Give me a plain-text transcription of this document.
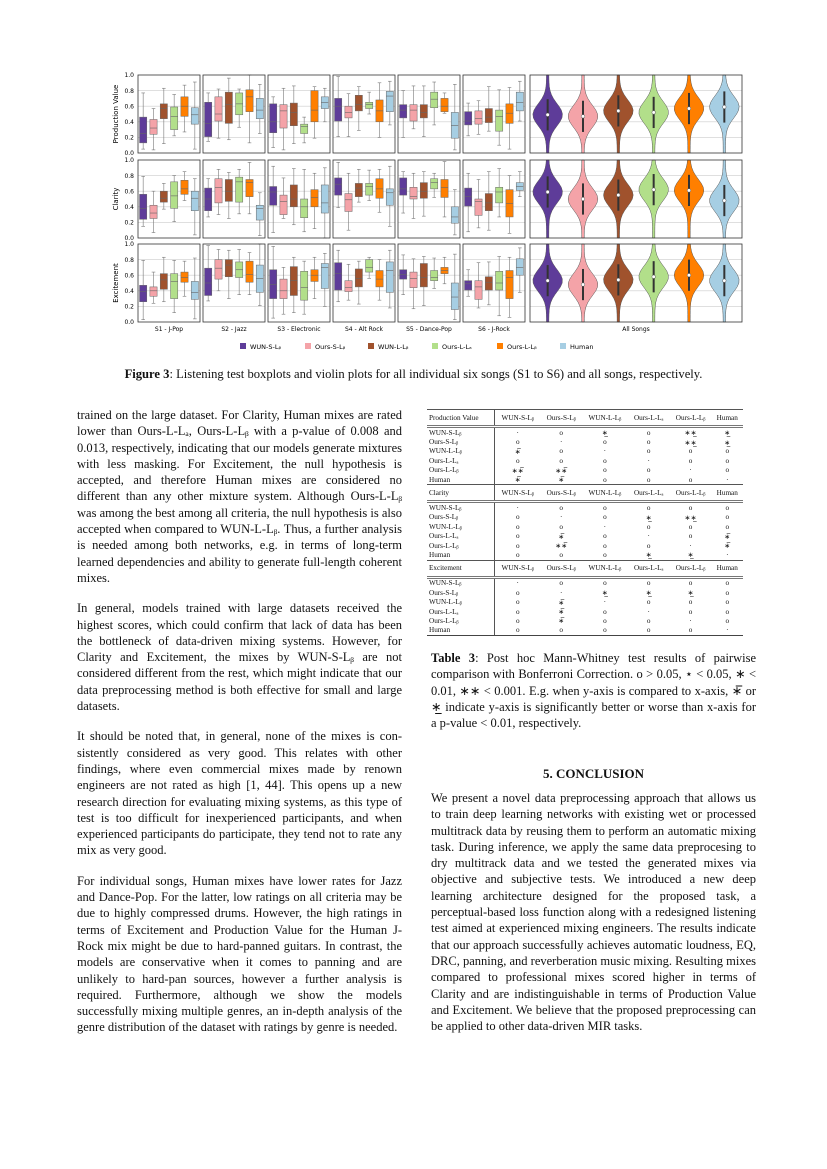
Production Value
0.0
0.2
0.4
0.6
0.8
1.0
Clarity
0.0
0.2
0.4
0.6
0.8
1.0
Excitement
0.0
0.2
0.4
0.6
0.8
1.0
S1 - J-Pop	S2 - Jazz	S3 - Electronic	S4 - Alt Rock	S5 - Dance-Pop	S6 - J-Rock	All Songs
WUN-S-Lᵦ	Ours-S-Lᵦ	WUN-L-Lᵦ	Ours-L-Lₐ	Ours-L-Lᵦ	Human
Figure 3: Listening test boxplots and violin plots for all individual six songs (S1 to S6) and all songs, respectively.

trained on the large dataset. For Clarity, Human mixes are rated lower than Ours-L-Lₐ, Ours-L-Lᵦ with a p-value of 0.008 and 0.013, respectively, indicating that our models generate mixtures with less masking. For Excitement, the null hypothesis is accepted, and therefore Human mixes are considered no different than any other mixture system. Although Ours-L-Lᵦ was among the best among all criteria, the null hypothesis is also accepted when compared to WUN-L-Lᵦ. Thus, a further analysis is needed among both networks, e.g. in terms of long-term learned dependencies and ability to generate full-length coherent mixes.

In general, models trained with large datasets received the highest scores, which could confirm that lack of data has been the bottleneck of data-driven mixing systems. However, for Clarity and Excitement, the mixes by WUN-S-Lᵦ are not considered different from the rest, which might indicate that our data preprocessing method is both effective for small and large datasets.

It should be noted that, in general, none of the mixes is consistently considered as very good. This relates with other findings, where even commercial mixes made by renown engineers are not rated as high [1, 44]. This opens up a new research direction for evaluating mixing systems, as this type of test is too difficult for inexperienced participants, and when experienced participants do participate, they tend not to rate any mix as very good.

For individual songs, Human mixes have lower rates for Jazz and Dance-Pop. For the latter, low ratings on all criteria may be due to highly compressed drums. However, the high ratings in terms of Excitement and Production Value for the Human J-Rock mix might be due to hard-panned guitars. In contrast, the models are conservative when it comes to panning and are unlikely to hard-pan sources, however a further analysis is required. Furthermore, although we show the models successfully mixing multiple genres, an in-depth analysis of the genre distribution of the dataset with ratings by genre is needed.

Production Value	WUN-S-Lᵦ	Ours-S-Lᵦ	WUN-L-Lᵦ	Ours-L-Lₐ	Ours-L-Lᵦ	Human
WUN-S-Lᵦ	·	o	∗̲	o	∗∗̲	∗̲
Ours-S-Lᵦ	o	·	o	o	∗∗̲	∗̲
WUN-L-Lᵦ	∗̅	o	·	o	o	o
Ours-L-Lₐ	o	o	o	·	o	o
Ours-L-Lᵦ	∗∗̅	∗∗̅	o	o	·	o
Human	∗̅	∗̅	o	o	o	·
Clarity	WUN-S-Lᵦ	Ours-S-Lᵦ	WUN-L-Lᵦ	Ours-L-Lₐ	Ours-L-Lᵦ	Human
WUN-S-Lᵦ	·	o	o	o	o	o
Ours-S-Lᵦ	o	·	o	∗̲	∗∗̲	o
WUN-L-Lᵦ	o	o	·	o	o	o
Ours-L-Lₐ	o	∗̅	o	·	o	∗̅
Ours-L-Lᵦ	o	∗∗̅	o	o	·	∗̅
Human	o	o	o	∗̲	∗̲	·
Excitement	WUN-S-Lᵦ	Ours-S-Lᵦ	WUN-L-Lᵦ	Ours-L-Lₐ	Ours-L-Lᵦ	Human
WUN-S-Lᵦ	·	o	o	o	o	o
Ours-S-Lᵦ	o	·	∗̲	∗̲	∗̲	o
WUN-L-Lᵦ	o	∗̅	·	o	o	o
Ours-L-Lₐ	o	∗̅	o	·	o	o
Ours-L-Lᵦ	o	∗̅	o	o	·	o
Human	o	o	o	o	o	·
Table 3: Post hoc Mann-Whitney test results of pairwise comparison with Bonferroni Correction. o > 0.05, ⋆ < 0.05, ∗ < 0.01, ∗∗ < 0.001. E.g. when y-axis is compared to x-axis, ∗̅ or ∗̲ indicate y-axis is significantly better or worse than x-axis for a p-value < 0.01, respectively.
5. CONCLUSION

We present a novel data preprocessing approach that allows us to train deep learning networks with existing wet or processed multitrack data by reusing them to perform an automatic mixing task. During inference, we apply the same data preprocesing to dry multitrack data and we tested the generated mixes via objective and subjective tests. We introduced a new deep learning architecture designed for the proposed task, a perceptual-based loss function along with a redesigned listening test aimed at experienced mixing engineers. The results indicate that our approach successfully achieves automatic loudness, EQ, DRC, panning, and reverberation music mixing. Resulting mixes compared to professional mixes scored higher in terms of Clarity and are indistinguishable in terms of Production Value and Excitement. We believe that the proposed preprocessing can be applied to other data-driven MIR tasks.
